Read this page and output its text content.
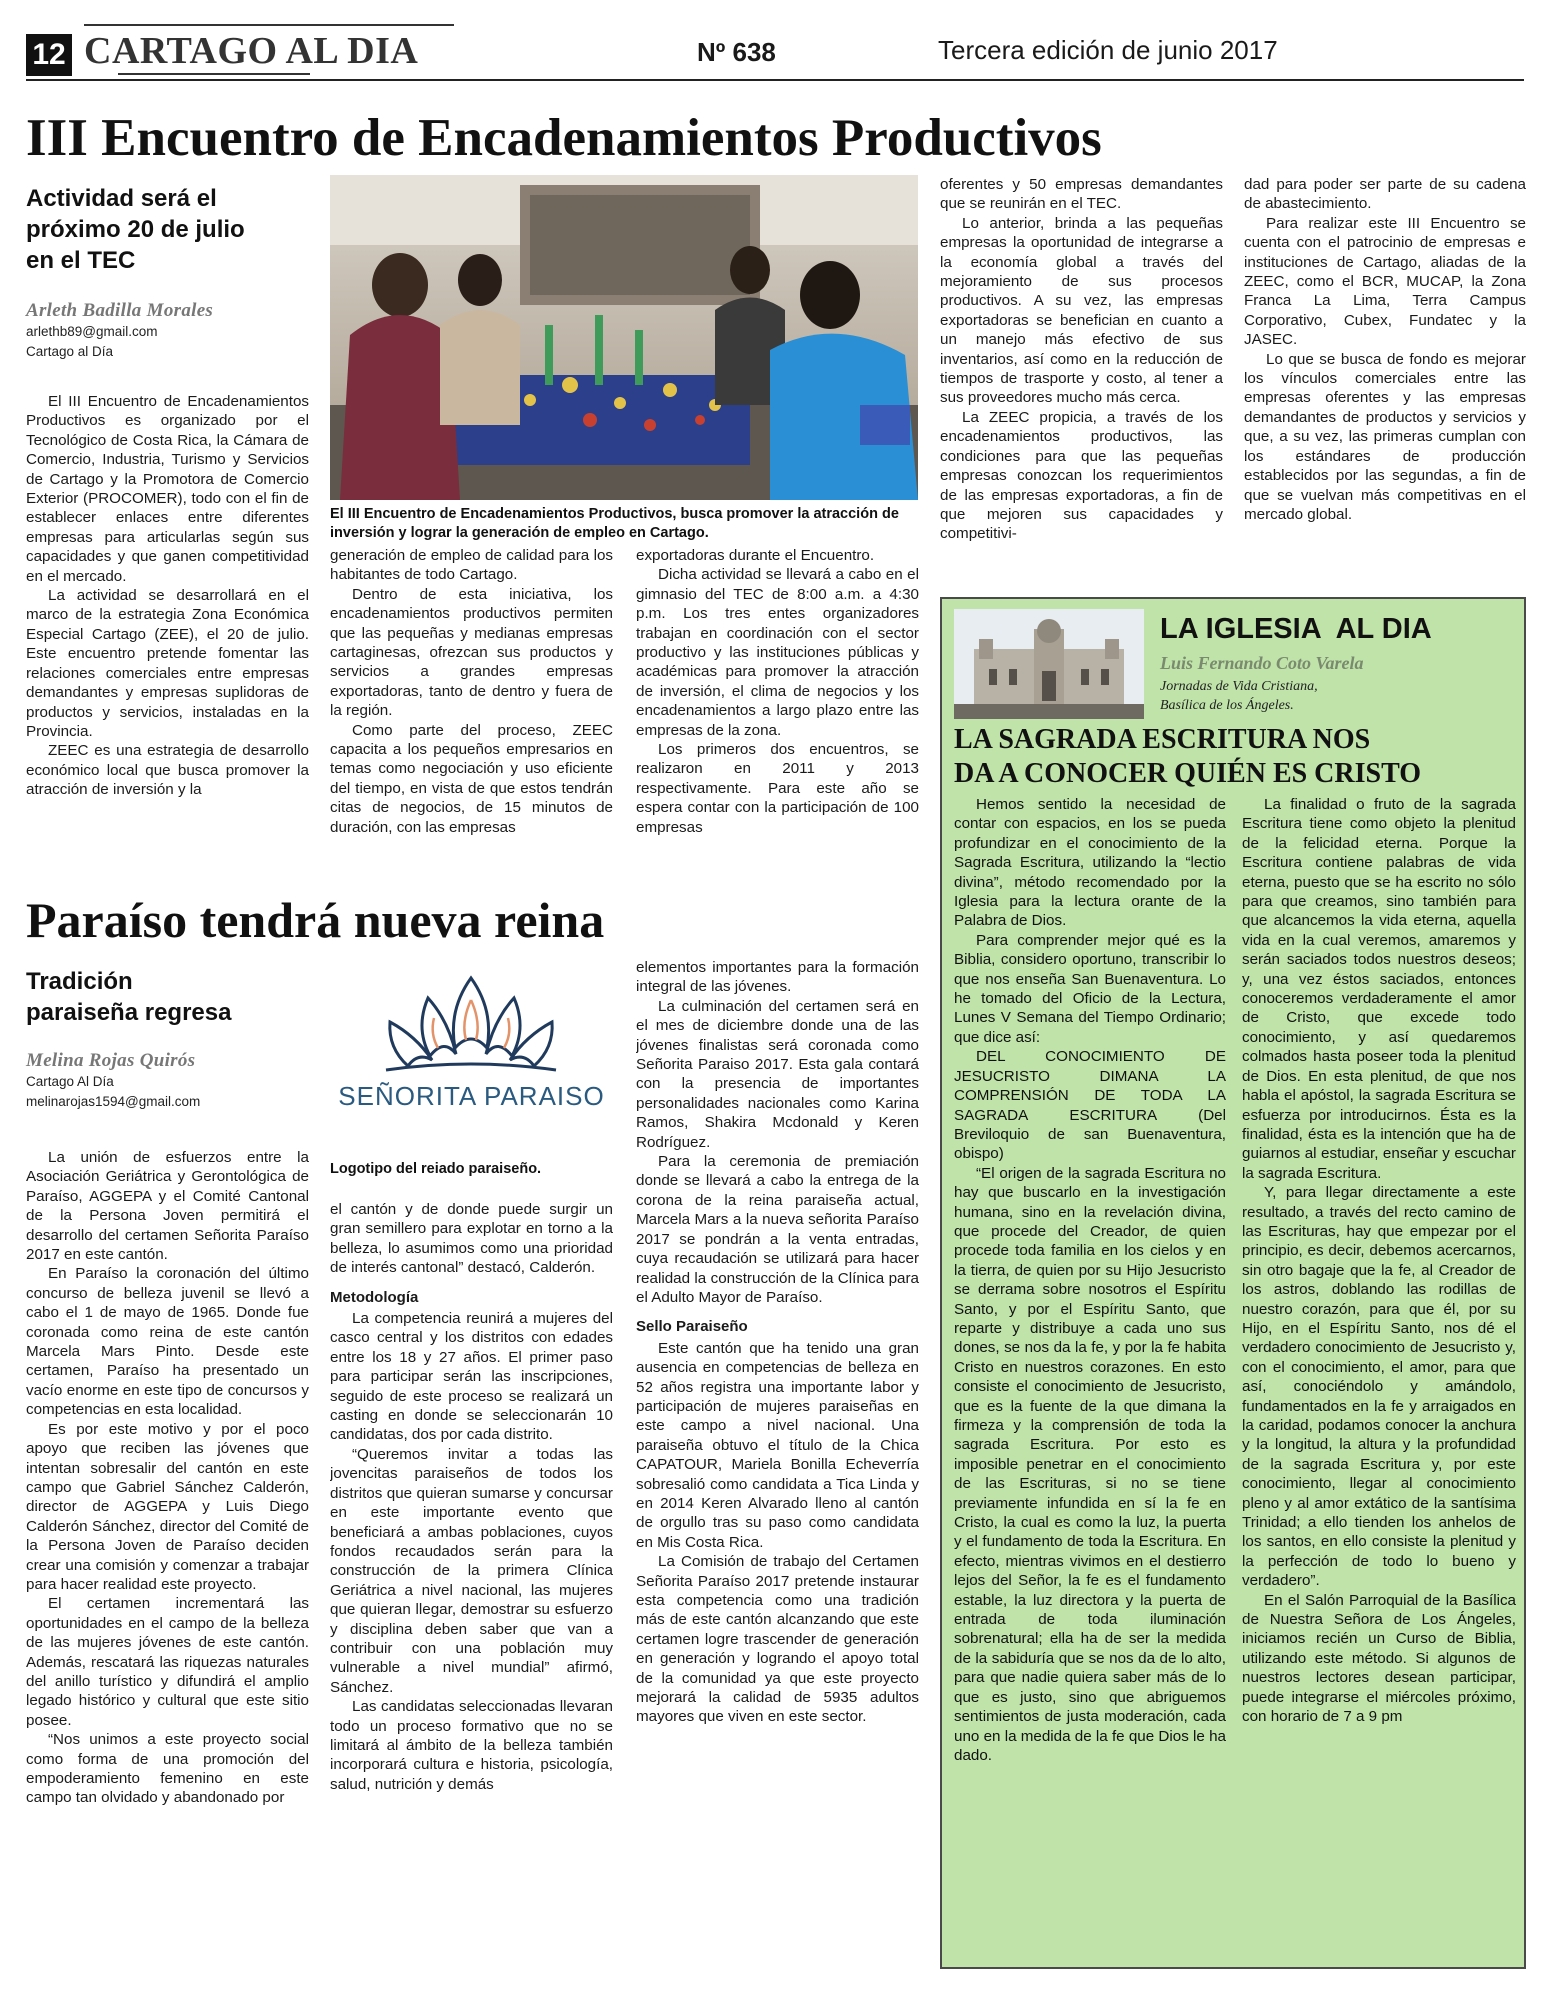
12 CARTAGO AL DIA	Nº 638	Tercera edición de junio 2017
III Encuentro de Encadenamientos Productivos
Actividad será el
próximo 20 de julio
en el TEC
Arleth Badilla Morales
arlethb89@gmail.com
Cartago al Día
El III Encuentro de Encadenamientos Productivos, busca promover la atracción de inversión y lograr la generación de empleo en Cartago.

El III Encuentro de Encadenamientos Productivos es organizado por el Tecnológico de Costa Rica, la Cámara de Comercio, Industria, Turismo y Servicios de Cartago y la Promotora de Comercio Exterior (PROCOMER), todo con el fin de establecer enlaces entre diferentes empresas para articularlas según sus capacidades y que ganen competitividad en el mercado.

La actividad se desarrollará en el marco de la estrategia Zona Económica Especial Cartago (ZEE), el 20 de julio. Este encuentro pretende fomentar las relaciones comerciales entre empresas demandantes y empresas suplidoras de productos y servicios, instaladas en la Provincia.

ZEEC es una estrategia de desarrollo económico local que busca promover la atracción de inversión y la

generación de empleo de calidad para los habitantes de todo Cartago.

Dentro de esta iniciativa, los encadenamientos productivos permiten que las pequeñas y medianas empresas cartaginesas, ofrezcan sus productos y servicios a grandes empresas exportadoras, tanto de dentro y fuera de la región.

Como parte del proceso, ZEEC capacita a los pequeños empresarios en temas como negociación y uso eficiente del tiempo, en vista de que estos tendrán citas de negocios, de 15 minutos de duración, con las empresas

exportadoras durante el Encuentro.

Dicha actividad se llevará a cabo en el gimnasio del TEC de 8:00 a.m. a 4:30 p.m. Los tres entes organizadores trabajan en coordinación con el sector productivo y las instituciones públicas y académicas para promover la atracción de inversión, el clima de negocios y los encadenamientos a largo plazo entre las empresas de la zona.

Los primeros dos encuentros, se realizaron en 2011 y 2013 respectivamente. Para este año se espera contar con la participación de 100 empresas

oferentes y 50 empresas demandantes que se reunirán en el TEC.

Lo anterior, brinda a las pequeñas empresas la oportunidad de integrarse a la economía global a través del mejoramiento de sus procesos productivos. A su vez, las empresas exportadoras se benefician en cuanto a un manejo más efectivo de sus inventarios, así como en la reducción de tiempos de trasporte y costo, al tener a sus proveedores mucho más cerca.

La ZEEC propicia, a través de los encadenamientos productivos, las condiciones para que las pequeñas empresas conozcan los requerimientos de las empresas exportadoras, a fin de que mejoren sus capacidades y competitivi-

dad para poder ser parte de su cadena de abastecimiento.

Para realizar este III Encuentro se cuenta con el patrocinio de empresas e instituciones de Cartago, aliadas de la ZEEC, como el BCR, MUCAP, la Zona Franca La Lima, Terra Campus Corporativo, Cubex, Fundatec y la JASEC.

Lo que se busca de fondo es mejorar los vínculos comerciales entre las empresas oferentes y las empresas demandantes de productos y servicios y que, a su vez, las primeras cumplan con los estándares de producción establecidos por las segundas, a fin de que se vuelvan más competitivas en el mercado global.

Paraíso tendrá nueva reina
Tradición
paraiseña regresa
Melina Rojas Quirós
Cartago Al Día
melinarojas1594@gmail.com	SEÑORITA PARAISO
Logotipo del reiado paraiseño.

La unión de esfuerzos entre la Asociación Geriátrica y Gerontológica de Paraíso, AGGEPA y el Comité Cantonal de la Persona Joven permitirá el desarrollo del certamen Señorita Paraíso 2017 en este cantón.

En Paraíso la coronación del último concurso de belleza juvenil se llevó a cabo el 1 de mayo de 1965. Donde fue coronada como reina de este cantón Marcela Mars Pinto. Desde este certamen, Paraíso ha presentado un vacío enorme en este tipo de concursos y competencias en esta localidad.

Es por este motivo y por el poco apoyo que reciben las jóvenes que intentan sobresalir del cantón en este campo que Gabriel Sánchez Calderón, director de AGGEPA y Luis Diego Calderón Sánchez, director del Comité de la Persona Joven de Paraíso deciden crear una comisión y comenzar a trabajar para hacer realidad este proyecto.

El certamen incrementará las oportunidades en el campo de la belleza de las mujeres jóvenes de este cantón. Además, rescatará las riquezas naturales del anillo turístico y difundirá el amplio legado histórico y cultural que este sitio posee.

“Nos unimos a este proyecto social como forma de una promoción del empoderamiento femenino en este campo tan olvidado y abandonado por

el cantón y de donde puede surgir un gran semillero para explotar en torno a la belleza, lo asumimos como una prioridad de interés cantonal” destacó, Calderón.

Metodología

La competencia reunirá a mujeres del casco central y los distritos con edades entre los 18 y 27 años. El primer paso para participar serán las inscripciones, seguido de este proceso se realizará un casting en donde se seleccionarán 10 candidatas, dos por cada distrito.

“Queremos invitar a todas las jovencitas paraiseños de todos los distritos que quieran sumarse y concursar en este importante evento que beneficiará a ambas poblaciones, cuyos fondos recaudados serán para la construcción de la primera Clínica Geriátrica a nivel nacional, las mujeres que quieran llegar, demostrar su esfuerzo y disciplina deben saber que van a contribuir con una población muy vulnerable a nivel mundial” afirmó, Sánchez.

Las candidatas seleccionadas llevaran todo un proceso formativo que no se limitará al ámbito de la belleza también incorporará cultura e historia, psicología, salud, nutrición y demás

elementos importantes para la formación integral de las jóvenes.

La culminación del certamen será en el mes de diciembre donde una de las jóvenes finalistas será coronada como Señorita Paraiso 2017. Esta gala contará con la presencia de importantes personalidades nacionales como Karina Ramos, Shakira Mcdonald y Keren Rodríguez.

Para la ceremonia de premiación donde se llevará a cabo la entrega de la corona de la reina paraiseña actual, Marcela Mars a la nueva señorita Paraíso 2017 se pondrán a la venta entradas, cuya recaudación se utilizará para hacer realidad la construcción de la Clínica para el Adulto Mayor de Paraíso.

Sello Paraiseño

Este cantón que ha tenido una gran ausencia en competencias de belleza en 52 años registra una importante labor y participación de mujeres paraiseñas en este campo a nivel nacional. Una paraiseña obtuvo el título de la Chica CAPATOUR, Mariela Bonilla Echeverría sobresalió como candidata a Tica Linda y en 2014 Keren Alvarado lleno al cantón de orgullo tras su paso como candidata en Mis Costa Rica.

La Comisión de trabajo del Certamen Señorita Paraíso 2017 pretende instaurar esta competencia como una tradición más de este cantón alcanzando que este certamen logre trascender de generación en generación y logrando el apoyo total de la comunidad ya que este proyecto mejorará la calidad de 5935 adultos mayores que viven en este sector.

LA IGLESIA  AL DIA
Luis Fernando Coto Varela
Jornadas de Vida Cristiana,
Basílica de los Ángeles.
LA SAGRADA ESCRITURA NOS
DA A CONOCER QUIÉN ES CRISTO

Hemos sentido la necesidad de contar con espacios, en los se pueda profundizar en el conocimiento de la Sagrada Escritura, utilizando la “lectio divina”, método recomendado por la Iglesia para la lectura orante de la Palabra de Dios.

Para comprender mejor qué es la Biblia, considero oportuno, transcribir lo que nos enseña San Buenaventura. Lo he tomado del Oficio de la Lectura, Lunes V Semana del Tiempo Ordinario; que dice así:

DEL CONOCIMIENTO DE JESUCRISTO DIMANA LA COMPRENSIÓN DE TODA LA SAGRADA ESCRITURA (Del Breviloquio de san Buenaventura, obispo)

“El origen de la sagrada Escritura no hay que buscarlo en la investigación humana, sino en la revelación divina, que procede del Creador, de quien procede toda familia en los cielos y en la tierra, de quien por su Hijo Jesucristo se derrama sobre nosotros el Espíritu Santo, y por el Espíritu Santo, que reparte y distribuye a cada uno sus dones, se nos da la fe, y por la fe habita Cristo en nuestros corazones. En esto consiste el conocimiento de Jesucristo, que es la fuente de la que dimana la firmeza y la comprensión de toda la sagrada Escritura. Por esto es imposible penetrar en el conocimiento de las Escrituras, si no se tiene previamente infundida en sí la fe en Cristo, la cual es como la luz, la puerta y el fundamento de toda la Escritura. En efecto, mientras vivimos en el destierro lejos del Señor, la fe es el fundamento estable, la luz directora y la puerta de entrada de toda iluminación sobrenatural; ella ha de ser la medida de la sabiduría que se nos da de lo alto, para que nadie quiera saber más de lo que es justo, sino que abriguemos sentimientos de justa moderación, cada uno en la medida de la fe que Dios le ha dado.

La finalidad o fruto de la sagrada Escritura tiene como objeto la plenitud de la felicidad eterna. Porque la Escritura contiene palabras de vida eterna, puesto que se ha escrito no sólo para que creamos, sino también para que alcancemos la vida eterna, aquella vida en la cual veremos, amaremos y serán saciados todos nuestros deseos; y, una vez éstos saciados, entonces conoceremos verdaderamente el amor de Cristo, que excede todo conocimiento, y así quedaremos colmados hasta poseer toda la plenitud de Dios. En esta plenitud, de que nos habla el apóstol, la sagrada Escritura se esfuerza por introducirnos. Ésta es la finalidad, ésta es la intención que ha de guiarnos al estudiar, enseñar y escuchar la sagrada Escritura.

Y, para llegar directamente a este resultado, a través del recto camino de las Escrituras, hay que empezar por el principio, es decir, debemos acercarnos, sin otro bagaje que la fe, al Creador de los astros, doblando las rodillas de nuestro corazón, para que él, por su Hijo, en el Espíritu Santo, nos dé el verdadero conocimiento de Jesucristo y, con el conocimiento, el amor, para que así, conociéndolo y amándolo, fundamentados en la fe y arraigados en la caridad, podamos conocer la anchura y la longitud, la altura y la profundidad de la sagrada Escritura y, por este conocimiento, llegar al conocimiento pleno y al amor extático de la santísima Trinidad; a ello tienden los anhelos de los santos, en ello consiste la plenitud y la perfección de todo lo bueno y verdadero”.

En el Salón Parroquial de la Basílica de Nuestra Señora de Los Ángeles, iniciamos recién un Curso de Biblia, utilizando este método. Si algunos de nuestros lectores desean participar, puede integrarse el miércoles próximo, con horario de 7 a 9 pm
